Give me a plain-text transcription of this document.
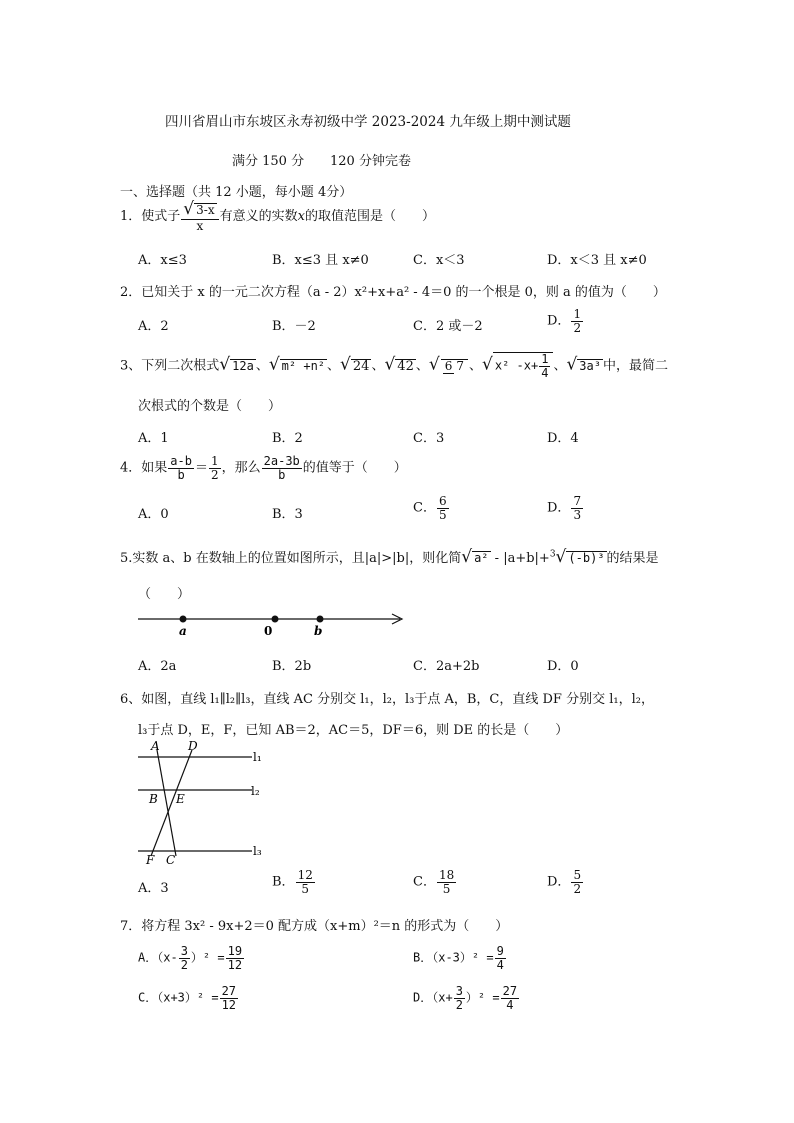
四川省眉山市东坡区永寿初级中学 2023-2024 九年级上期中测试题
满分 150 分 120 分钟完卷
一、选择题（共 12 小题，每小题 4分）
1．使式子 $\frac{√ 3-x}{x}$ 有意义的实数x的取值范围是（　　）
A．x≤3	B．x≤3 且 x≠0	C．x＜3	D．x＜3 且 x≠0
2．已知关于 x 的一元二次方程（a - 2）x²+x+a² - 4＝0 的一个根是 0，则 a 的值为（　　）
A．2	B．－2	C．2 或－2	D． $\frac{1}{2}$
3、下列二次根式√ 12a 、√ m² +n² 、√ 24 、√ 42 、√ 6 7 、√ x² $-x+ \frac{1}{4}$ 、√ 3a³ 中，最简二
次根式的个数是（　　）
A．1	B．2	C．3	D．4
4．如果 $\frac{a-b}{b} = \frac{1}{2}$ ，那么 $\frac{2a-3b}{b}$ 的值等于（　　）
A．0	B．3	C． $\frac{6}{5}$	D． $\frac{7}{3}$
5.实数 a、b 在数轴上的位置如图所示，且|a|>|b|，则化简√ a² - |a+b|+$^3$√ (-b)³ 的结果是
（　　）
a	0	b
A．2a	B．2b	C．2a+2b	D．0
6、如图，直线 l₁∥l₂∥l₃，直线 AC 分别交 l₁，l₂，l₃于点 A，B，C，直线 DF 分别交 l₁，l₂，
l₃于点 D，E，F，已知 AB＝2，AC＝5，DF＝6，则 DE 的长是（　　）
A D
B E
F C
l₁
l₂
l₃
A．3	B． $\frac{12}{5}$	C． $\frac{18}{5}$	D． $\frac{5}{2}$
7．将方程 3x² - 9x+2＝0 配方成（x+m）²＝n 的形式为（　　）
A．$(x- \frac{3}{2} )^2 = \frac{19}{12}$	B．$(x-3)^2 = \frac{9}{4}$
C．$(x+3)^2 = \frac{27}{12}$	D．$(x+ \frac{3}{2} )^2 = \frac{27}{4}$
